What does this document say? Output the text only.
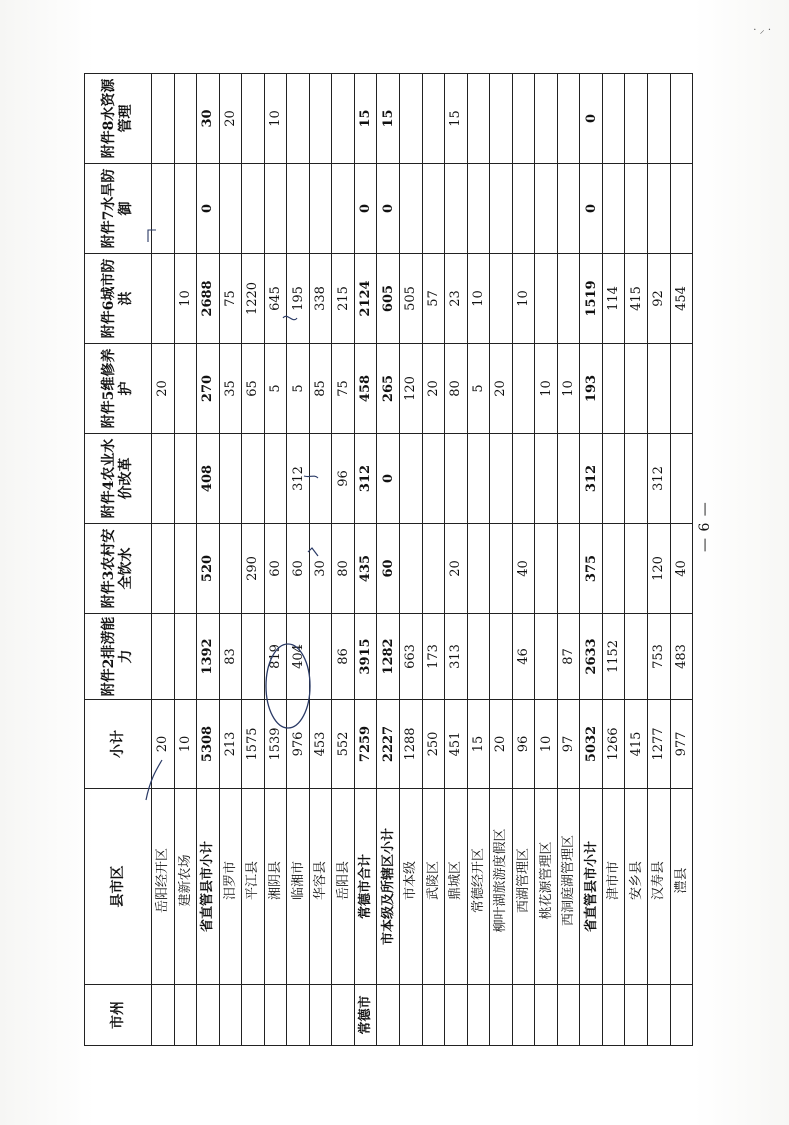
· ⸝ ·
市州	县市区	小计	附件2排涝能力	附件3农村安全饮水	附件4农业水价改革	附件5维修养护	附件6城市防洪	附件7水旱防御	附件8水资源管理
	岳阳经开区	20				20			
	建新农场	10					10		
	省直管县市小计	5308	1392	520	408	270	2688	0	30
	汨罗市	213	83			35	75		20
	平江县	1575		290		65	1220		
	湘阴县	1539	819	60		5	645		10
	临湘市	976	404	60	312	5	195		
	华容县	453		30		85	338		
	岳阳县	552	86	80	96	75	215		
常德市	常德市合计	7259	3915	435	312	458	2124	0	15
	市本级及所辖区小计	2227	1282	60	0	265	605	0	15
	市本级	1288	663			120	505		
	武陵区	250	173			20	57		
	鼎城区	451	313	20		80	23		15
	常德经开区	15				5	10		
	柳叶湖旅游度假区	20				20			
	西湖管理区	96	46	40			10		
	桃花源管理区	10				10			
	西洞庭湖管理区	97	87			10			
	省直管县市小计	5032	2633	375	312	193	1519	0	0
	津市市	1266	1152				114		
	安乡县	415					415		
	汉寿县	1277	753	120	312		92		
	澧县	977	483	40			454		
— 6 —
